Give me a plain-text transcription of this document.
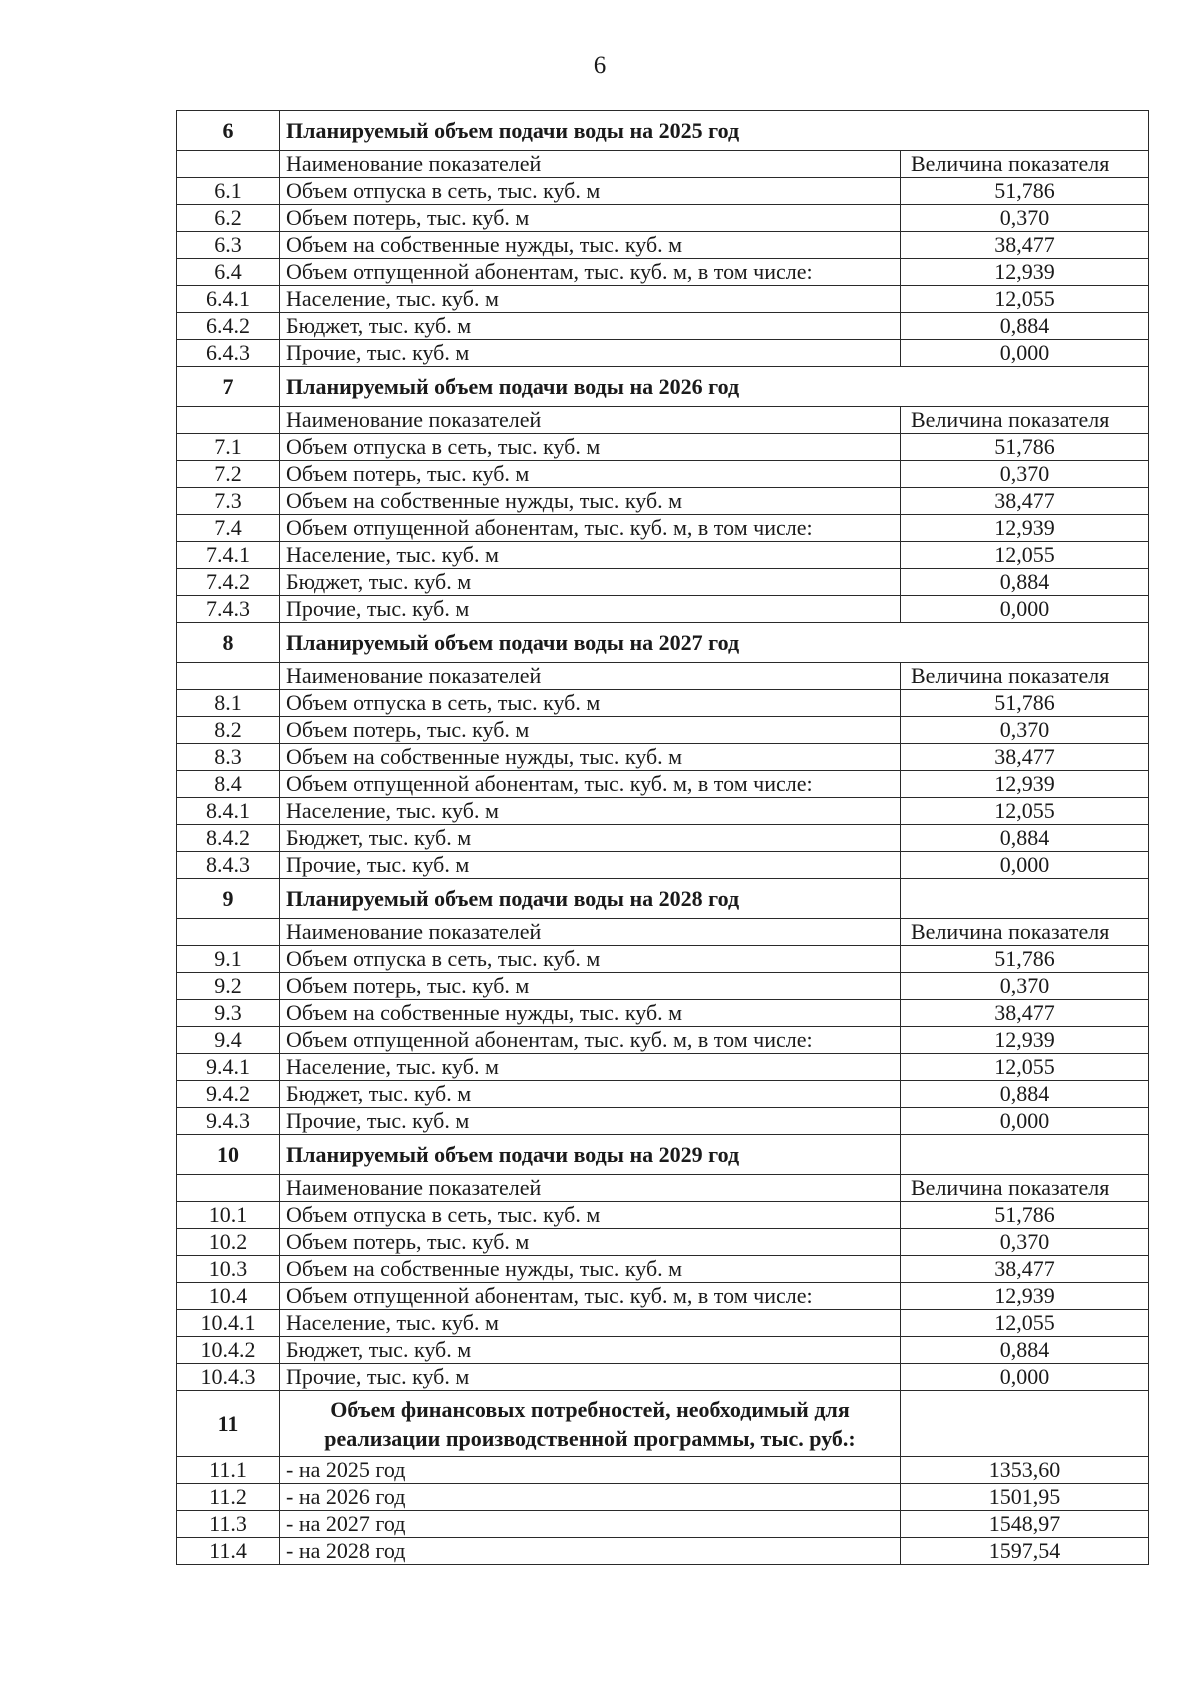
6
6	Планируемый объем подачи воды на 2025 год	
	Наименование показателей	Величина показателя
6.1	Объем отпуска в сеть, тыс. куб. м	51,786
6.2	Объем потерь, тыс. куб. м	0,370
6.3	Объем на собственные нужды, тыс. куб. м	38,477
6.4	Объем отпущенной абонентам, тыс. куб. м, в том числе:	12,939
6.4.1	Население, тыс. куб. м	12,055
6.4.2	Бюджет, тыс. куб. м	0,884
6.4.3	Прочие, тыс. куб. м	0,000
7	Планируемый объем подачи воды на 2026 год	
	Наименование показателей	Величина показателя
7.1	Объем отпуска в сеть, тыс. куб. м	51,786
7.2	Объем потерь, тыс. куб. м	0,370
7.3	Объем на собственные нужды, тыс. куб. м	38,477
7.4	Объем отпущенной абонентам, тыс. куб. м, в том числе:	12,939
7.4.1	Население, тыс. куб. м	12,055
7.4.2	Бюджет, тыс. куб. м	0,884
7.4.3	Прочие, тыс. куб. м	0,000
8	Планируемый объем подачи воды на 2027 год	
	Наименование показателей	Величина показателя
8.1	Объем отпуска в сеть, тыс. куб. м	51,786
8.2	Объем потерь, тыс. куб. м	0,370
8.3	Объем на собственные нужды, тыс. куб. м	38,477
8.4	Объем отпущенной абонентам, тыс. куб. м, в том числе:	12,939
8.4.1	Население, тыс. куб. м	12,055
8.4.2	Бюджет, тыс. куб. м	0,884
8.4.3	Прочие, тыс. куб. м	0,000
9	Планируемый объем подачи воды на 2028 год	
	Наименование показателей	Величина показателя
9.1	Объем отпуска в сеть, тыс. куб. м	51,786
9.2	Объем потерь, тыс. куб. м	0,370
9.3	Объем на собственные нужды, тыс. куб. м	38,477
9.4	Объем отпущенной абонентам, тыс. куб. м, в том числе:	12,939
9.4.1	Население, тыс. куб. м	12,055
9.4.2	Бюджет, тыс. куб. м	0,884
9.4.3	Прочие, тыс. куб. м	0,000
10	Планируемый объем подачи воды на 2029 год	
	Наименование показателей	Величина показателя
10.1	Объем отпуска в сеть, тыс. куб. м	51,786
10.2	Объем потерь, тыс. куб. м	0,370
10.3	Объем на собственные нужды, тыс. куб. м	38,477
10.4	Объем отпущенной абонентам, тыс. куб. м, в том числе:	12,939
10.4.1	Население, тыс. куб. м	12,055
10.4.2	Бюджет, тыс. куб. м	0,884
10.4.3	Прочие, тыс. куб. м	0,000
11	Объем финансовых потребностей, необходимый для реализации производственной программы, тыс. руб.:	
11.1	- на 2025 год	1353,60
11.2	- на 2026 год	1501,95
11.3	- на 2027 год	1548,97
11.4	- на 2028 год	1597,54
